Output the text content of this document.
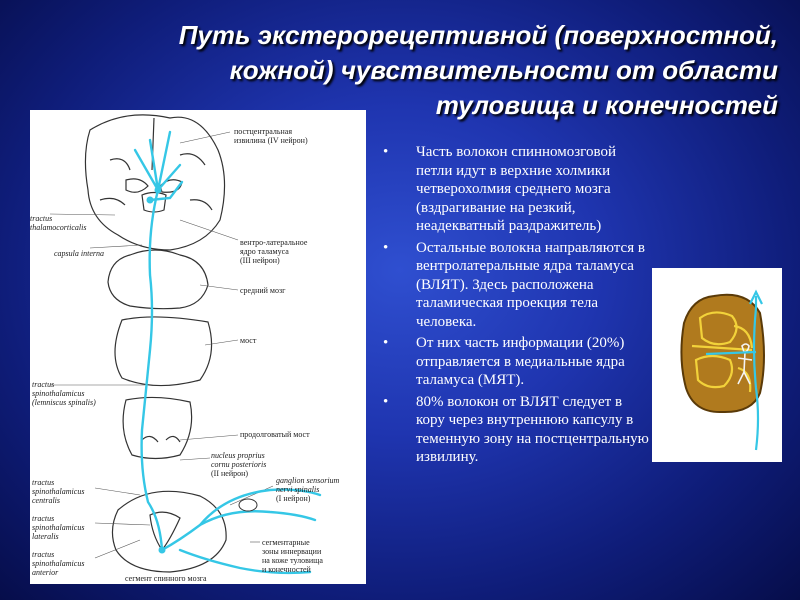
Путь экстерорецептивной (поверхностной,
кожной) чувствительности от области
туловища и конечностей
постцентральная
извилина (IV нейрон)
tractus
thalamocorticalis
capsula interna
вентро-латеральное
ядро таламуса
(III нейрон)
средний мозг
мост
tractus
spinothalamicus
(lemniscus spinalis)
продолговатый мост
nucleus proprius
cornu posterioris
(II нейрон)
tractus
spinothalamicus
centralis
tractus
spinothalamicus
lateralis
tractus
spinothalamicus
anterior
ganglion sensorium
nervi spinalis
(I нейрон)
сегментарные
зоны иннервации
на коже туловища
и конечностей
сегмент спинного мозга
• Часть волокон спинномозговой петли идут в верхние холмики четверохолмия среднего мозга (вздрагивание на резкий, неадекватный раздражитель)
• Остальные волокна направляются в вентролатеральные ядра таламуса (ВЛЯТ). Здесь расположена таламическая проекция тела человека.
• От них часть информации (20%) отправляется в медиальные ядра таламуса (МЯТ).
• 80% волокон от ВЛЯТ следует в кору через внутреннюю капсулу в теменную зону на постцентральную извилину.
